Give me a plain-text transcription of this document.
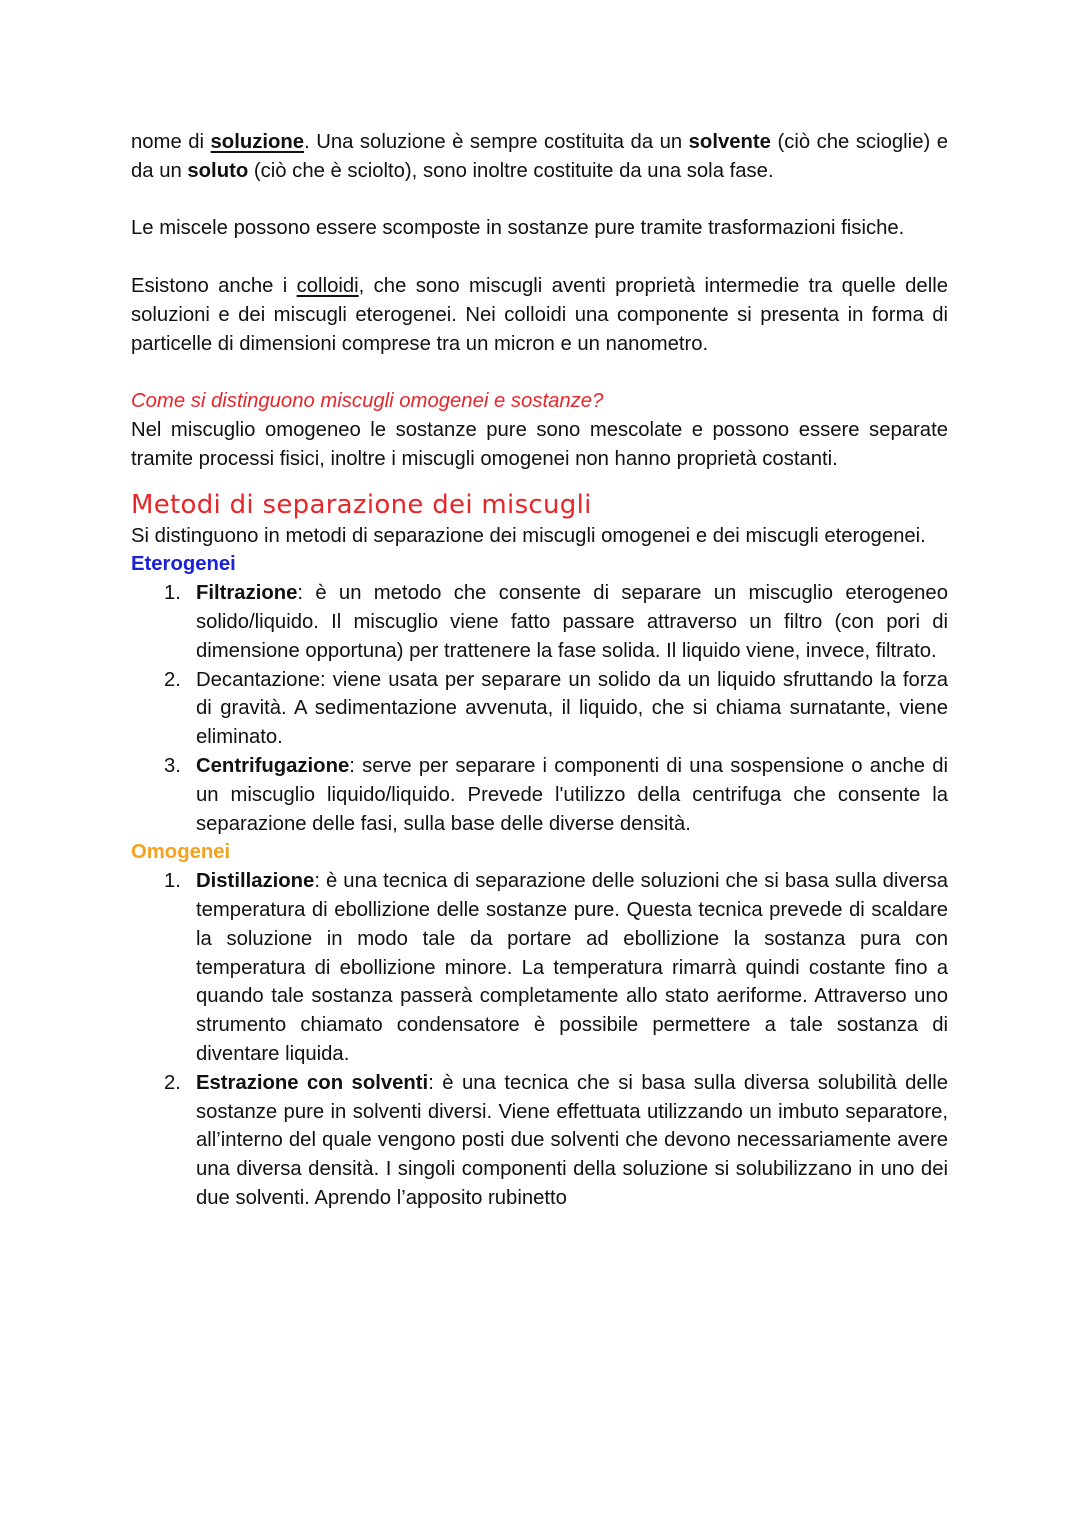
nome di soluzione. Una soluzione è sempre costituita da un solvente (ciò che scioglie) e da un soluto (ciò che è sciolto), sono inoltre costituite da una sola fase.

Le miscele possono essere scomposte in sostanze pure tramite trasformazioni fisiche.

Esistono anche i colloidi, che sono miscugli aventi proprietà intermedie tra quelle delle soluzioni e dei miscugli eterogenei. Nei colloidi una componente si presenta in forma di particelle di dimensioni comprese tra un micron e un nanometro.

Come si distinguono miscugli omogenei e sostanze?

Nel miscuglio omogeneo le sostanze pure sono mescolate e possono essere separate tramite processi fisici, inoltre i miscugli omogenei non hanno proprietà costanti.

Metodi di separazione dei miscugli

Si distinguono in metodi di separazione dei miscugli omogenei e dei miscugli eterogenei.

Eterogenei
1. Filtrazione: è un metodo che consente di separare un miscuglio eterogeneo solido/liquido. Il miscuglio viene fatto passare attraverso un filtro (con pori di dimensione opportuna) per trattenere la fase solida. Il liquido viene, invece, filtrato.
2. Decantazione: viene usata per separare un solido da un liquido sfruttando la forza di gravità. A sedimentazione avvenuta, il liquido, che si chiama surnatante, viene eliminato.
3. Centrifugazione: serve per separare i componenti di una sospensione o anche di un miscuglio liquido/liquido. Prevede l'utilizzo della centrifuga che consente la separazione delle fasi, sulla base delle diverse densità.
Omogenei
1. Distillazione: è una tecnica di separazione delle soluzioni che si basa sulla diversa temperatura di ebollizione delle sostanze pure. Questa tecnica prevede di scaldare la soluzione in modo tale da portare ad ebollizione la sostanza pura con temperatura di ebollizione minore. La temperatura rimarrà quindi costante fino a quando tale sostanza passerà completamente allo stato aeriforme. Attraverso uno strumento chiamato condensatore è possibile permettere a tale sostanza di diventare liquida.
2. Estrazione con solventi: è una tecnica che si basa sulla diversa solubilità delle sostanze pure in solventi diversi. Viene effettuata utilizzando un imbuto separatore, all’interno del quale vengono posti due solventi che devono necessariamente avere una diversa densità. I singoli componenti della soluzione si solubilizzano in uno dei due solventi. Aprendo l’apposito rubinetto
